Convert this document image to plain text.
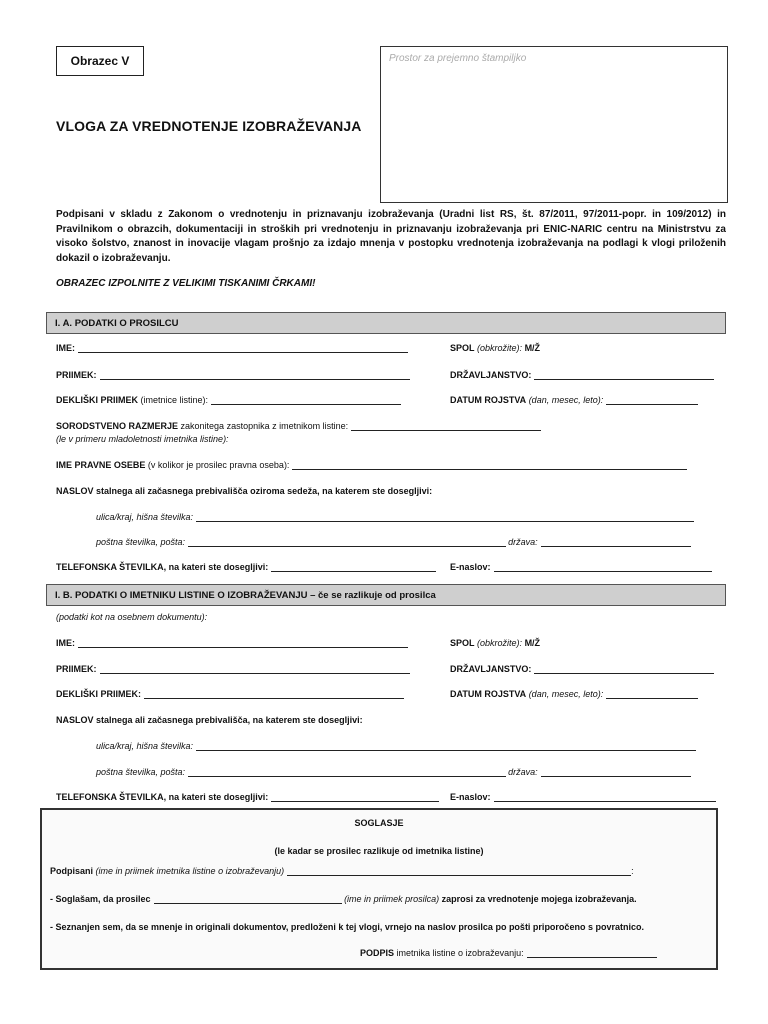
Obrazec V	Prostor za prejemno štampiljko
VLOGA ZA VREDNOTENJE IZOBRAŽEVANJA
Podpisani v skladu z Zakonom o vrednotenju in priznavanju izobraževanja (Uradni list RS, št. 87/2011, 97/2011-popr. in 109/2012) in Pravilnikom o obrazcih, dokumentaciji in stroških pri vrednotenju in priznavanju izobraževanja pri ENIC-NARIC centru na Ministrstvu za visoko šolstvo, znanost in inovacije vlagam prošnjo za izdajo mnenja v postopku vrednotenja izobraževanja na podlagi k vlogi priloženih dokazil o izobraževanju.
OBRAZEC IZPOLNITE Z VELIKIMI TISKANIMI ČRKAMI!
I. A. PODATKI O PROSILCU
IME:	SPOL
(obkrožite):
M/Ž
PRIIMEK:	DRŽAVLJANSTVO:
DEKLIŠKI PRIIMEK
(imetnice listine):	DATUM ROJSTVA
(dan, mesec, leto):
SORODSTVENO RAZMERJE
zakonitega zastopnika z imetnikom listine:
(le v primeru mladoletnosti imetnika listine):
IME PRAVNE OSEBE
(v kolikor je prosilec pravna oseba):
NASLOV stalnega ali začasnega prebivališča oziroma sedeža, na katerem ste dosegljivi:
ulica/kraj, hišna številka:
poštna številka, pošta:	država:
TELEFONSKA ŠTEVILKA, na kateri ste dosegljivi:	E-naslov:
I. B. PODATKI O IMETNIKU LISTINE O IZOBRAŽEVANJU – če se razlikuje od prosilca
(podatki kot na osebnem dokumentu):
IME:	SPOL
(obkrožite):
M/Ž
PRIIMEK:	DRŽAVLJANSTVO:
DEKLIŠKI PRIIMEK:	DATUM ROJSTVA
(dan, mesec, leto):
NASLOV stalnega ali začasnega prebivališča, na katerem ste dosegljivi:
ulica/kraj, hišna številka:
poštna številka, pošta:	država:
TELEFONSKA ŠTEVILKA, na kateri ste dosegljivi:	E-naslov:
SOGLASJE
(le kadar se prosilec razlikuje od imetnika listine)
Podpisani
(ime in priimek imetnika listine o izobraževanju)	:
- Soglašam, da prosilec
	(ime in priimek prosilca)
zaprosi za vrednotenje mojega izobraževanja.
- Seznanjen sem, da se mnenje in originali dokumentov, predloženi k tej vlogi, vrnejo na naslov prosilca po pošti priporočeno s povratnico.
PODPIS
imetnika listine o izobraževanju:
